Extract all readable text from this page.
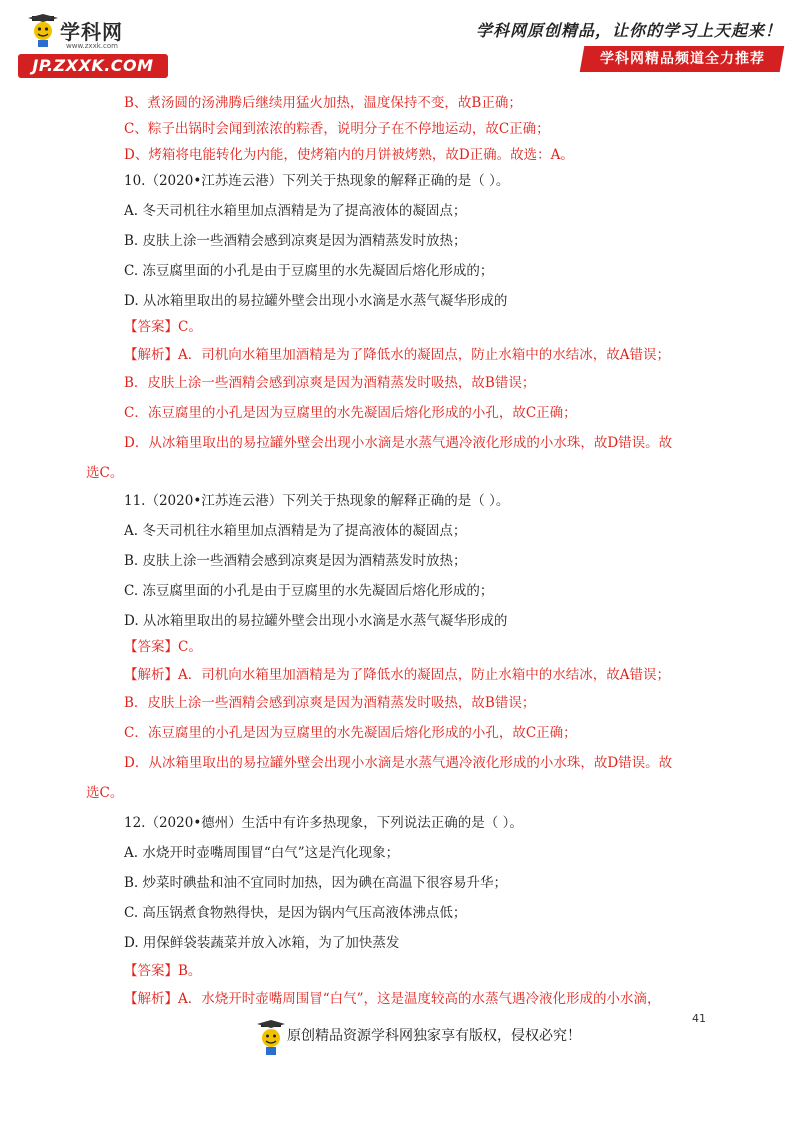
学科网
www.zxxk.com
JP.ZXXK.COM
学科网原创精品，让你的学习上天起来！
学科网精品频道全力推荐
B、煮汤圆的汤沸腾后继续用猛火加热，温度保持不变，故B正确；
C、粽子出锅时会闻到浓浓的粽香，说明分子在不停地运动，故C正确；
D、烤箱将电能转化为内能，使烤箱内的月饼被烤熟，故D正确。故选：A。
10.（2020•江苏连云港）下列关于热现象的解释正确的是（ ）。
A. 冬天司机往水箱里加点酒精是为了提高液体的凝固点；
B. 皮肤上涂一些酒精会感到凉爽是因为酒精蒸发时放热；
C. 冻豆腐里面的小孔是由于豆腐里的水先凝固后熔化形成的；
D. 从冰箱里取出的易拉罐外壁会出现小水滴是水蒸气凝华形成的
【答案】C。
【解析】A．司机向水箱里加酒精是为了降低水的凝固点，防止水箱中的水结冰，故A错误；
B．皮肤上涂一些酒精会感到凉爽是因为酒精蒸发时吸热，故B错误；
C．冻豆腐里的小孔是因为豆腐里的水先凝固后熔化形成的小孔，故C正确；
D．从冰箱里取出的易拉罐外壁会出现小水滴是水蒸气遇冷液化形成的小水珠，故D错误。故
选C。
11.（2020•江苏连云港）下列关于热现象的解释正确的是（ ）。
A. 冬天司机往水箱里加点酒精是为了提高液体的凝固点；
B. 皮肤上涂一些酒精会感到凉爽是因为酒精蒸发时放热；
C. 冻豆腐里面的小孔是由于豆腐里的水先凝固后熔化形成的；
D. 从冰箱里取出的易拉罐外壁会出现小水滴是水蒸气凝华形成的
【答案】C。
【解析】A．司机向水箱里加酒精是为了降低水的凝固点，防止水箱中的水结冰，故A错误；
B．皮肤上涂一些酒精会感到凉爽是因为酒精蒸发时吸热，故B错误；
C．冻豆腐里的小孔是因为豆腐里的水先凝固后熔化形成的小孔，故C正确；
D．从冰箱里取出的易拉罐外壁会出现小水滴是水蒸气遇冷液化形成的小水珠，故D错误。故
选C。
12.（2020•德州）生活中有许多热现象，下列说法正确的是（ ）。
A. 水烧开时壶嘴周围冒“白气”这是汽化现象；
B. 炒菜时碘盐和油不宜同时加热，因为碘在高温下很容易升华；
C. 高压锅煮食物熟得快，是因为锅内气压高液体沸点低；
D. 用保鲜袋装蔬菜并放入冰箱，为了加快蒸发
【答案】B。
【解析】A．水烧开时壶嘴周围冒“白气”，这是温度较高的水蒸气遇冷液化形成的小水滴，
原创精品资源学科网独家享有版权，侵权必究！
41
